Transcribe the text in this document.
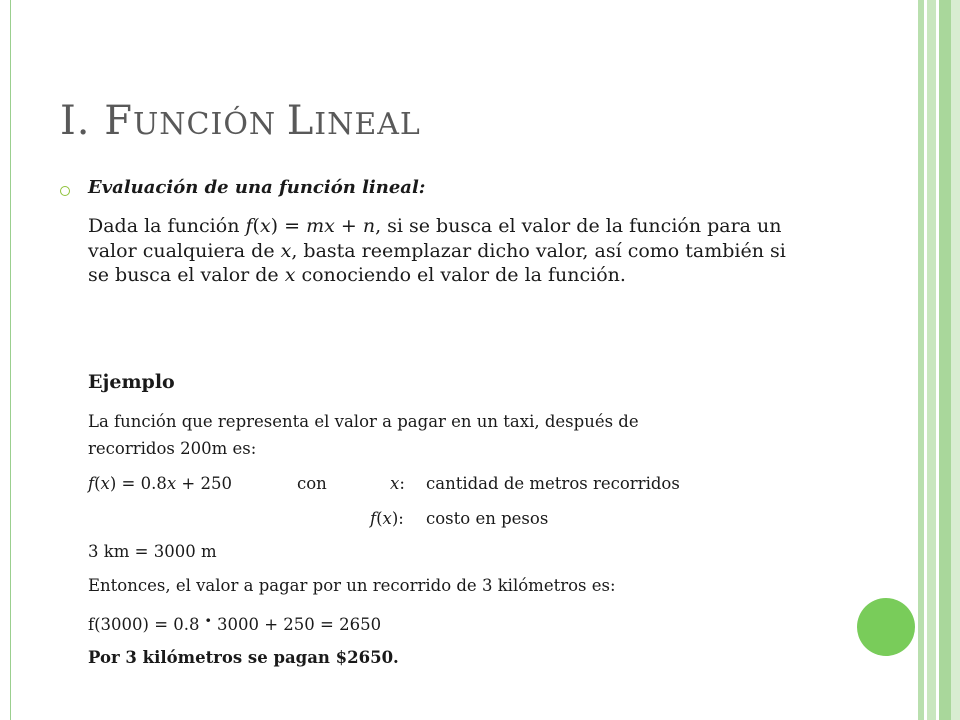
I. FUNCIÓN LINEAL
Evaluación de una función lineal:
Dada la función f(x) = mx + n, si se busca el valor de la función para un valor cualquiera de x, basta reemplazar dicho valor, así como también si se busca el valor de x conociendo el valor de la función.
Ejemplo
La función que representa el valor a pagar en un taxi, después de
recorridos 200m es:
f(x) = 0.8x + 250	con	x: cantidad de metros recorridos
f(x): costo en pesos
3 km = 3000 m
Entonces, el valor a pagar por un recorrido de 3 kilómetros es:
f(3000) = 0.8 · 3000 + 250 = 2650
Por 3 kilómetros se pagan $2650.
